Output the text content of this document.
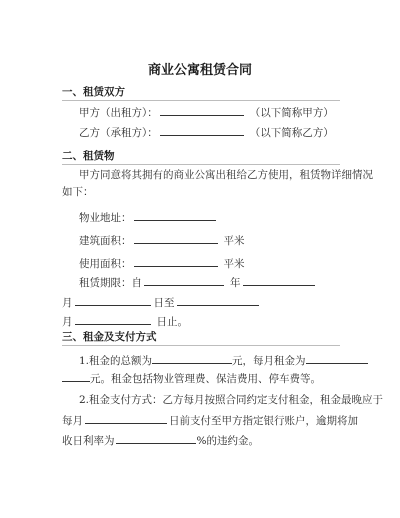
商业公寓租赁合同
一、租赁双方
甲方（出租方）：	（以下简称甲方）
乙方（承租方）：	（以下简称乙方）
二、租赁物
甲方同意将其拥有的商业公寓出租给乙方使用，租赁物详细情况
如下：
物业地址：
建筑面积：	平米
使用面积：	平米
租赁期限：自	年
月	日至
月	日止。
三、租金及支付方式
1.租金的总额为	元，每月租金为
元。租金包括物业管理费、保洁费用、停车费等。
2.租金支付方式：乙方每月按照合同约定支付租金，租金最晚应于
每月	日前支付至甲方指定银行账户，逾期将加
收日利率为	%的违约金。
